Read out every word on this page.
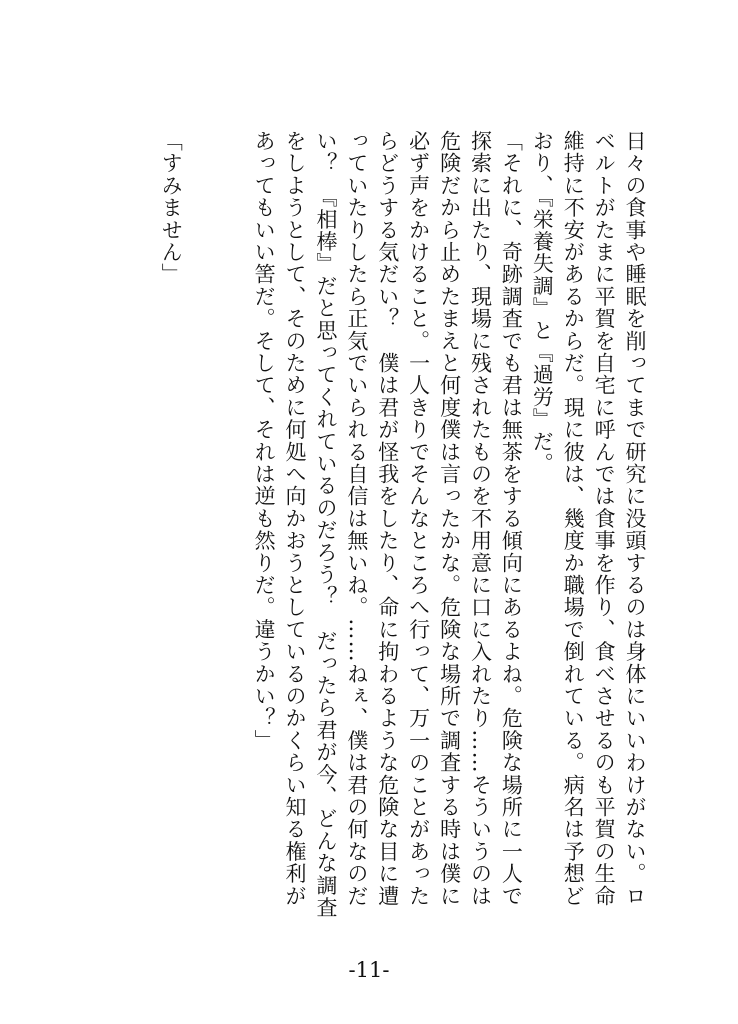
日々の食事や睡眠を削ってまで研究に没頭するのは身体にいいわけがない。ロベルトがたまに平賀を自宅に呼んでは食事を作り、食べさせるのも平賀の生命維持に不安があるからだ。現に彼は、幾度か職場で倒れている。病名は予想どおり、『栄養失調』と『過労』だ。

「それに、奇跡調査でも君は無茶をする傾向にあるよね。危険な場所に一人で探索に出たり、現場に残されたものを不用意に口に入れたり……そういうのは危険だから止めたまえと何度僕は言ったかな。危険な場所で調査する時は僕に必ず声をかけること。一人きりでそんなところへ行って、万一のことがあったらどうする気だい？　僕は君が怪我をしたり、命に拘わるような危険な目に遭っていたりしたら正気でいられる自信は無いね。……ねぇ、僕は君の何なのだい？　『相棒』だと思ってくれているのだろう？　だったら君が今、どんな調査をしようとして、そのために何処へ向かおうとしているのかくらい知る権利があってもいい筈だ。そして、それは逆も然りだ。違うかい？」

「すみません」

-11-
